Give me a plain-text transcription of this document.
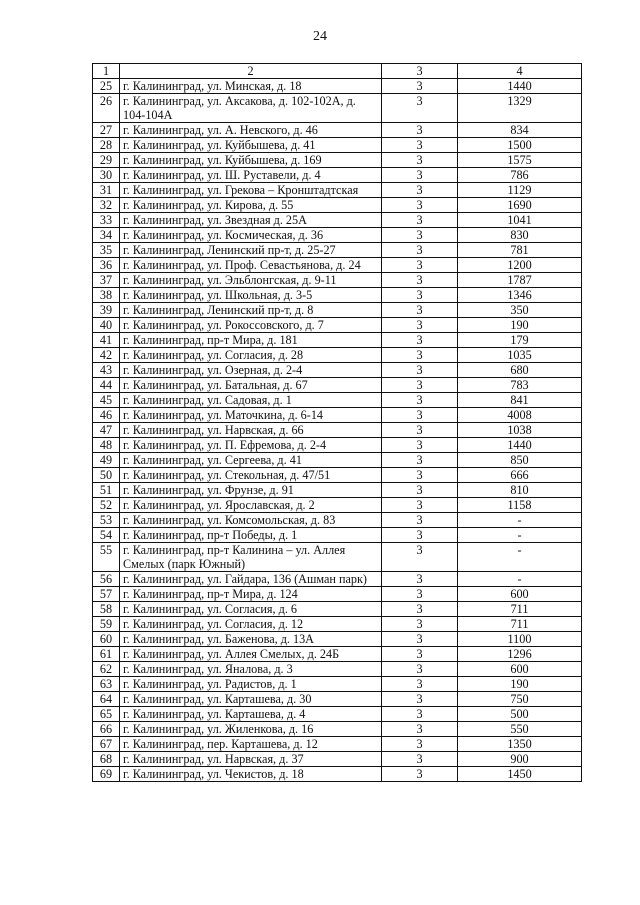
24
1	2	3	4
25	г. Калининград, ул. Минская, д. 18	3	1440
26	г. Калининград, ул. Аксакова, д. 102-102А, д. 104-104А	3	1329
27	г. Калининград, ул. А. Невского, д. 46	3	834
28	г. Калининград, ул. Куйбышева, д. 41	3	1500
29	г. Калининград, ул. Куйбышева, д. 169	3	1575
30	г. Калининград, ул. Ш. Руставели, д. 4	3	786
31	г. Калининград, ул. Грекова – Кронштадтская	3	1129
32	г. Калининград, ул. Кирова, д. 55	3	1690
33	г. Калининград, ул. Звездная д. 25А	3	1041
34	г. Калининград, ул. Космическая, д. 36	3	830
35	г. Калининград, Ленинский пр-т, д. 25-27	3	781
36	г. Калининград, ул. Проф. Севастьянова, д. 24	3	1200
37	г. Калининград, ул. Эльблонгская, д. 9-11	3	1787
38	г. Калининград, ул. Школьная, д. 3-5	3	1346
39	г. Калининград, Ленинский пр-т, д. 8	3	350
40	г. Калининград, ул. Рокоссовского, д. 7	3	190
41	г. Калининград, пр-т Мира, д. 181	3	179
42	г. Калининград, ул. Согласия, д. 28	3	1035
43	г. Калининград, ул. Озерная, д. 2-4	3	680
44	г. Калининград, ул. Батальная, д. 67	3	783
45	г. Калининград, ул. Садовая, д. 1	3	841
46	г. Калининград, ул. Маточкина, д. 6-14	3	4008
47	г. Калининград, ул. Нарвская, д. 66	3	1038
48	г. Калининград, ул. П. Ефремова, д. 2-4	3	1440
49	г. Калининград, ул. Сергеева, д. 41	3	850
50	г. Калининград, ул. Стекольная, д. 47/51	3	666
51	г. Калининград, ул. Фрунзе, д. 91	3	810
52	г. Калининград, ул. Ярославская, д. 2	3	1158
53	г. Калининград, ул. Комсомольская, д. 83	3	-
54	г. Калининград, пр-т Победы, д. 1	3	-
55	г. Калининград, пр-т Калинина – ул. Аллея Смелых (парк Южный)	3	-
56	г. Калининград, ул. Гайдара, 136 (Ашман парк)	3	-
57	г. Калининград, пр-т Мира, д. 124	3	600
58	г. Калининград, ул. Согласия, д. 6	3	711
59	г. Калининград, ул. Согласия, д. 12	3	711
60	г. Калининград, ул. Баженова, д. 13А	3	1100
61	г. Калининград, ул. Аллея Смелых, д. 24Б	3	1296
62	г. Калининград, ул. Яналова, д. 3	3	600
63	г. Калининград, ул. Радистов, д. 1	3	190
64	г. Калининград, ул. Карташева, д. 30	3	750
65	г. Калининград, ул. Карташева, д. 4	3	500
66	г. Калининград, ул. Жиленкова, д. 16	3	550
67	г. Калининград, пер. Карташева, д. 12	3	1350
68	г. Калининград, ул. Нарвская, д. 37	3	900
69	г. Калининград, ул. Чекистов, д. 18	3	1450
